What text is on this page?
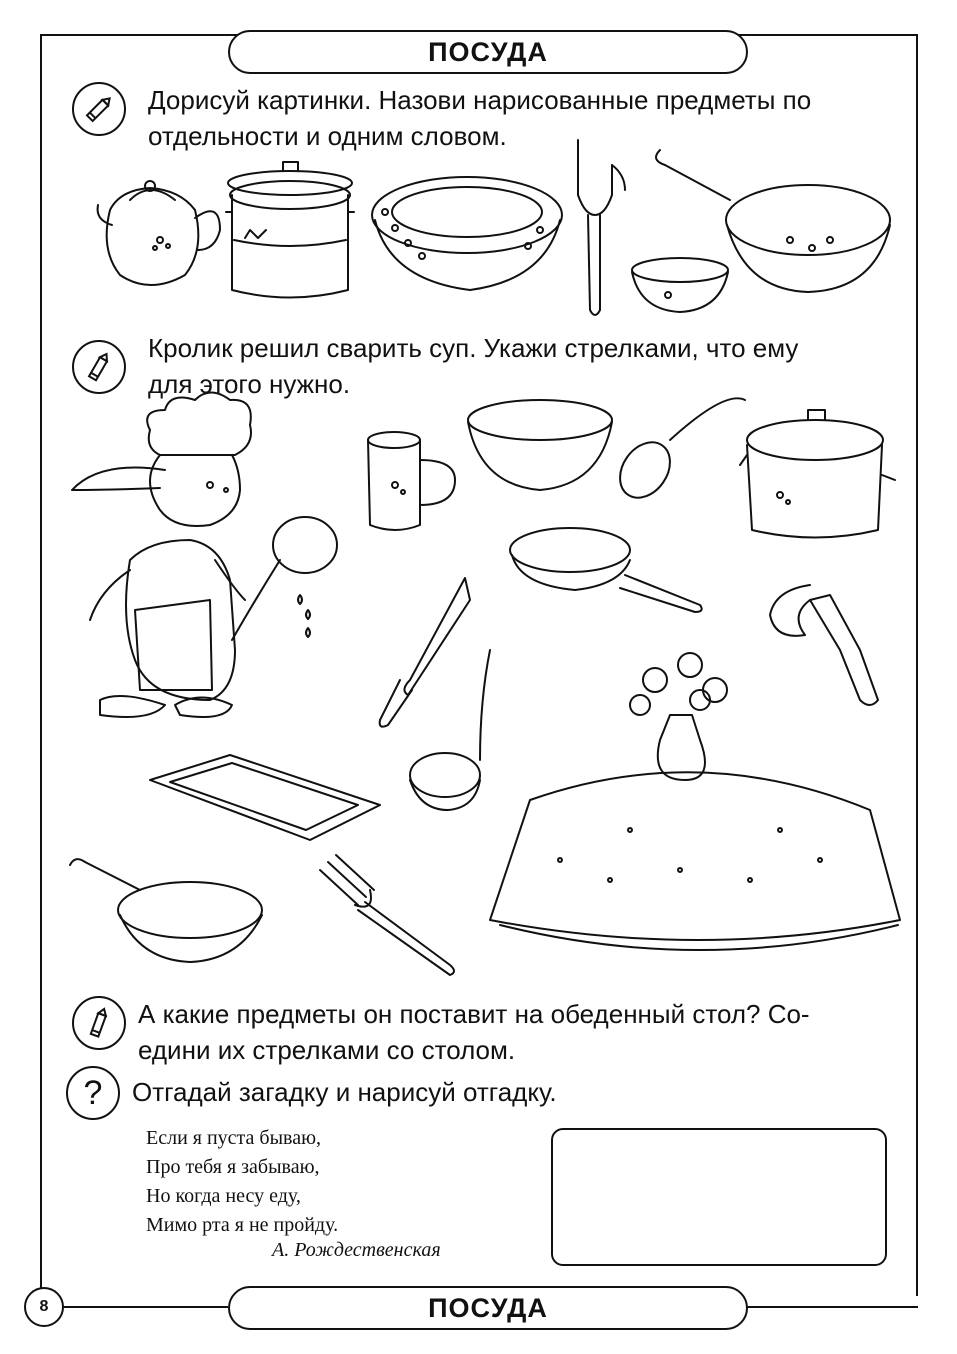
ПОСУДА
ПОСУДА
8
Дорисуй картинки. Назови нарисованные предметы по
отдельности и одним словом.
Кролик решил сварить суп. Укажи стрелками, что ему
для этого нужно.
А какие предметы он поставит на обеденный стол? Со-
едини их стрелками со столом.
? Отгадай загадку и нарисуй отгадку.
Если я пуста бываю,
Про тебя я забываю,
Но когда несу еду,
Мимо рта я не пройду.
А. Рождественская
